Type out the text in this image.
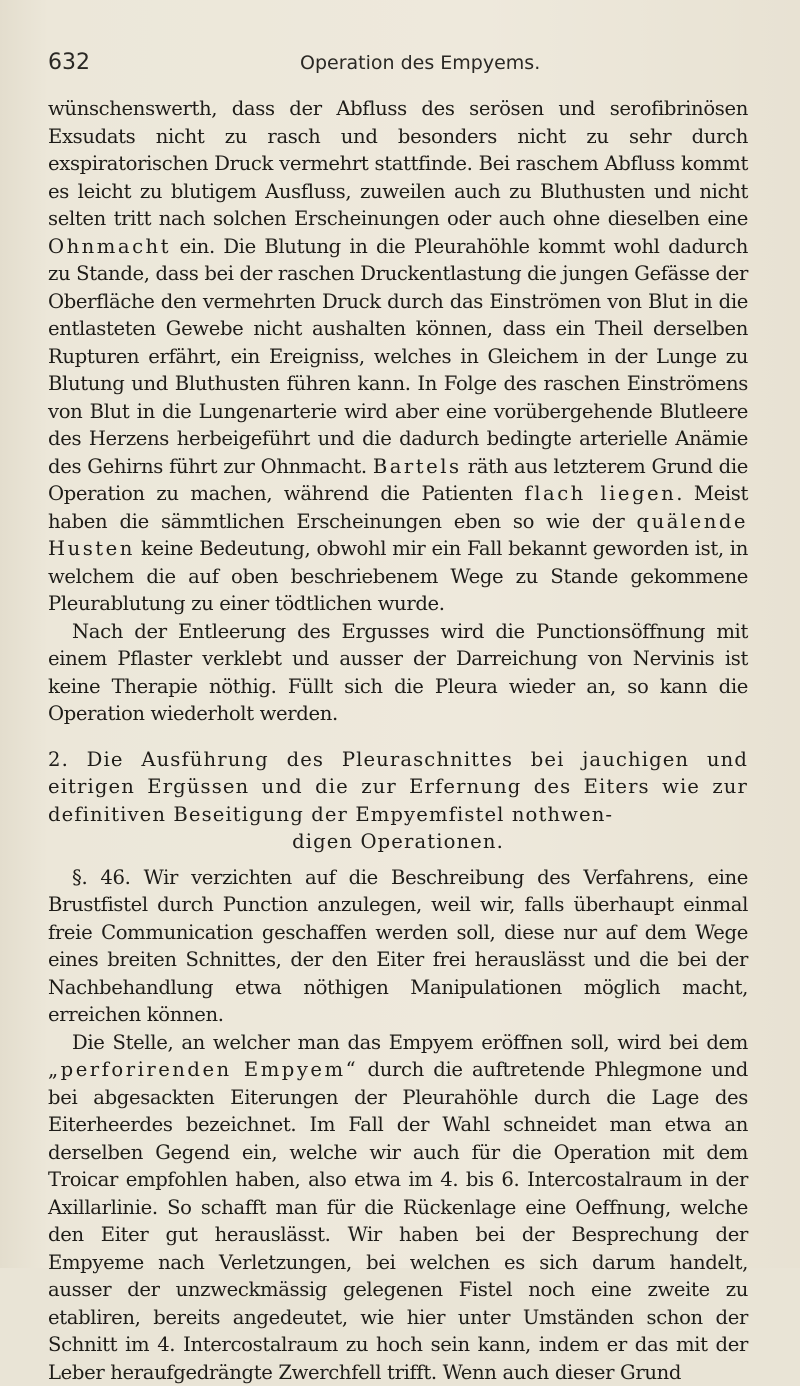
632	Operation des Empyems.

wünschenswerth, dass der Abfluss des serösen und serofibrinösen Exsudats nicht zu rasch und besonders nicht zu sehr durch exspiratorischen Druck vermehrt stattfinde. Bei raschem Abfluss kommt es leicht zu blutigem Ausfluss, zuweilen auch zu Bluthusten und nicht selten tritt nach solchen Erscheinungen oder auch ohne dieselben eine Ohnmacht ein. Die Blutung in die Pleurahöhle kommt wohl dadurch zu Stande, dass bei der raschen Druckentlastung die jungen Gefässe der Oberfläche den vermehrten Druck durch das Einströmen von Blut in die entlasteten Gewebe nicht aushalten können, dass ein Theil derselben Rupturen erfährt, ein Ereigniss, welches in Gleichem in der Lunge zu Blutung und Bluthusten führen kann. In Folge des raschen Einströmens von Blut in die Lungenarterie wird aber eine vorübergehende Blutleere des Herzens herbeigeführt und die dadurch bedingte arterielle Anämie des Gehirns führt zur Ohnmacht. Bartels räth aus letzterem Grund die Operation zu machen, während die Patienten flach liegen. Meist haben die sämmtlichen Erscheinungen eben so wie der quälende Husten keine Bedeutung, obwohl mir ein Fall bekannt geworden ist, in welchem die auf oben beschriebenem Wege zu Stande gekommene Pleurablutung zu einer tödtlichen wurde.

Nach der Entleerung des Ergusses wird die Punctionsöffnung mit einem Pflaster verklebt und ausser der Darreichung von Nervinis ist keine Therapie nöthig. Füllt sich die Pleura wieder an, so kann die Operation wiederholt werden.

2. Die Ausführung des Pleuraschnittes bei jauchigen und eitrigen Ergüssen und die zur Erfernung des Eiters wie zur definitiven Beseitigung der Empyemfistel nothwen-
digen Operationen.

§. 46. Wir verzichten auf die Beschreibung des Verfahrens, eine Brustfistel durch Punction anzulegen, weil wir, falls überhaupt einmal freie Communication geschaffen werden soll, diese nur auf dem Wege eines breiten Schnittes, der den Eiter frei herauslässt und die bei der Nachbehandlung etwa nöthigen Manipulationen möglich macht, erreichen können.

Die Stelle, an welcher man das Empyem eröffnen soll, wird bei dem „perforirenden Empyem“ durch die auftretende Phlegmone und bei abgesackten Eiterungen der Pleurahöhle durch die Lage des Eiterheerdes bezeichnet. Im Fall der Wahl schneidet man etwa an derselben Gegend ein, welche wir auch für die Operation mit dem Troicar empfohlen haben, also etwa im 4. bis 6. Intercostalraum in der Axillarlinie. So schafft man für die Rückenlage eine Oeffnung, welche den Eiter gut herauslässt. Wir haben bei der Besprechung der Empyeme nach Verletzungen, bei welchen es sich darum handelt, ausser der unzweckmässig gelegenen Fistel noch eine zweite zu etabliren, bereits angedeutet, wie hier unter Umständen schon der Schnitt im 4. Intercostalraum zu hoch sein kann, indem er das mit der Leber heraufgedrängte Zwerchfell trifft. Wenn auch dieser Grund
